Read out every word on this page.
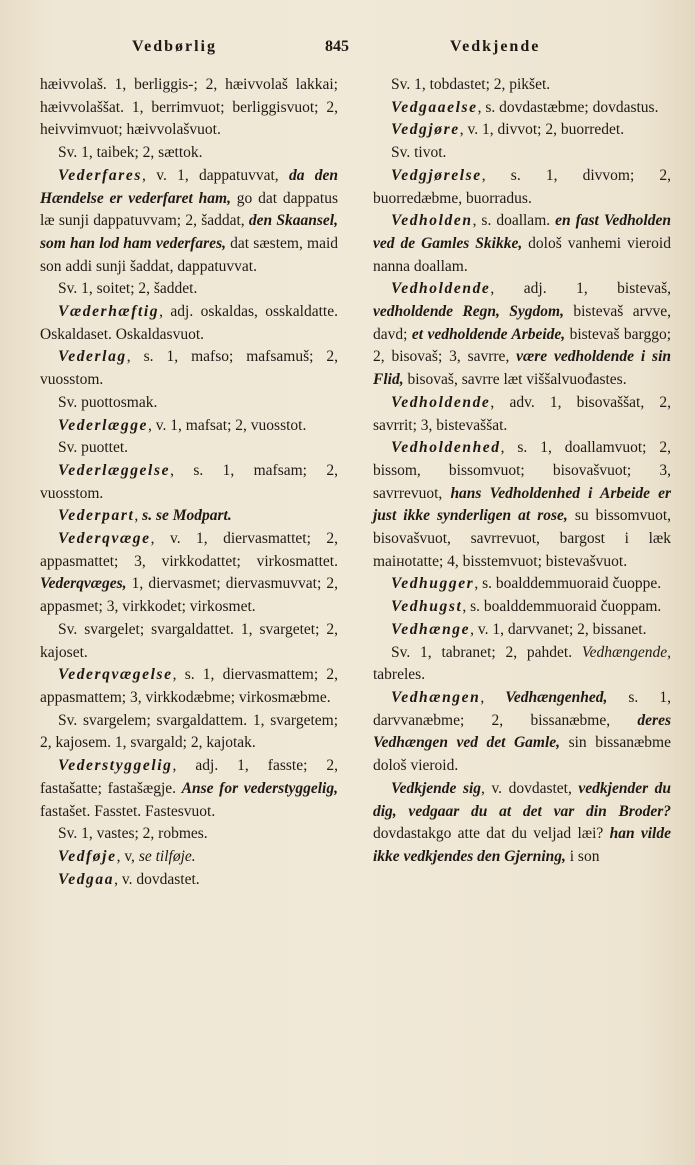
Vedbørlig	845	Vedkjende

hæivvolaš. 1, berliggis-; 2, hæivvolaš lakkai; hæivvolaššat. 1, berrimvuot; berliggisvuot; 2, heivvimvuot; hæivvolašvuot.

Sv. 1, taibek; 2, sættok.

Vederfares, v. 1, dappatuvvat, da den Hændelse er vederfaret ham, go dat dappatus læ sunji dappatuvvam; 2, šaddat, den Skaansel, som han lod ham vederfares, dat sæstem, maid son addi sunji šaddat, dappatuvvat.

Sv. 1, soitet; 2, šaddet.

Væderhæftig, adj. oskaldas, osskaldatte. Oskaldaset. Oskaldasvuot.

Vederlag, s. 1, mafso; mafsamuš; 2, vuosstom.

Sv. puottosmak.

Vederlægge, v. 1, mafsat; 2, vuosstot.

Sv. puottet.

Vederlæggelse, s. 1, mafsam; 2, vuosstom.

Vederpart, s. se Modpart.

Vederqvæge, v. 1, diervasmattet; 2, appasmattet; 3, virkkodattet; virkosmattet. Vederqvæges, 1, diervasmet; diervasmuvvat; 2, appasmet; 3, virkkodet; virkosmet.

Sv. svargelet; svargaldattet. 1, svargetet; 2, kajoset.

Vederqvægelse, s. 1, diervasmattem; 2, appasmattem; 3, virkkodæbme; virkosmæbme.

Sv. svargelem; svargaldattem. 1, svargetem; 2, kajosem. 1, svargald; 2, kajotak.

Vederstyggelig, adj. 1, fasste; 2, fastašatte; fastašægje. Anse for vederstyggelig, fastašet. Fasstet. Fastesvuot.

Sv. 1, vastes; 2, robmes.

Vedføje, v, se tilføje.

Vedgaa, v. dovdastet.

Sv. 1, tobdastet; 2, pikšet.

Vedgaaelse, s. dovdastæbme; dovdastus.

Vedgjøre, v. 1, divvot; 2, buorredet.

Sv. tivot.

Vedgjørelse, s. 1, divvom; 2, buorredæbme, buorradus.

Vedholden, s. doallam. en fast Vedholden ved de Gamles Skikke, dološ vanhemi vieroid nanna doallam.

Vedholdende, adj. 1, bistevaš, vedholdende Regn, Sygdom, bistevaš arvve, davd; et vedholdende Arbeide, bistevaš barggo; 2, bisovaš; 3, savrre, være vedholdende i sin Flid, bisovaš, savrre læt viššalvuođastes.

Vedholdende, adv. 1, bisovaššat, 2, savrrit; 3, bistevaššat.

Vedholdenhed, s. 1, doallamvuot; 2, bissom, bissomvuot; bisovašvuot; 3, savrrevuot, hans Vedholdenhed i Arbeide er just ikke synderligen at rose, su bissomvuot, bisovašvuot, savrrevuot, bargost i læk maінotatte; 4, bisstemvuot; bistevašvuot.

Vedhugger, s. boalddemmuoraid čuoppe.

Vedhugst, s. boalddemmuoraid čuoppam.

Vedhænge, v. 1, darvvanet; 2, bissanet.

Sv. 1, tabranet; 2, pahdet. Vedhængende, tabreles.

Vedhængen, Vedhængenhed, s. 1, darvvanæbme; 2, bissanæbme, deres Vedhængen ved det Gamle, sin bissanæbme dološ vieroid.

Vedkjende sig, v. dovdastet, vedkjender du dig, vedgaar du at det var din Broder? dovdastakgo atte dat du veljad læi? han vilde ikke vedkjendes den Gjerning, i son
